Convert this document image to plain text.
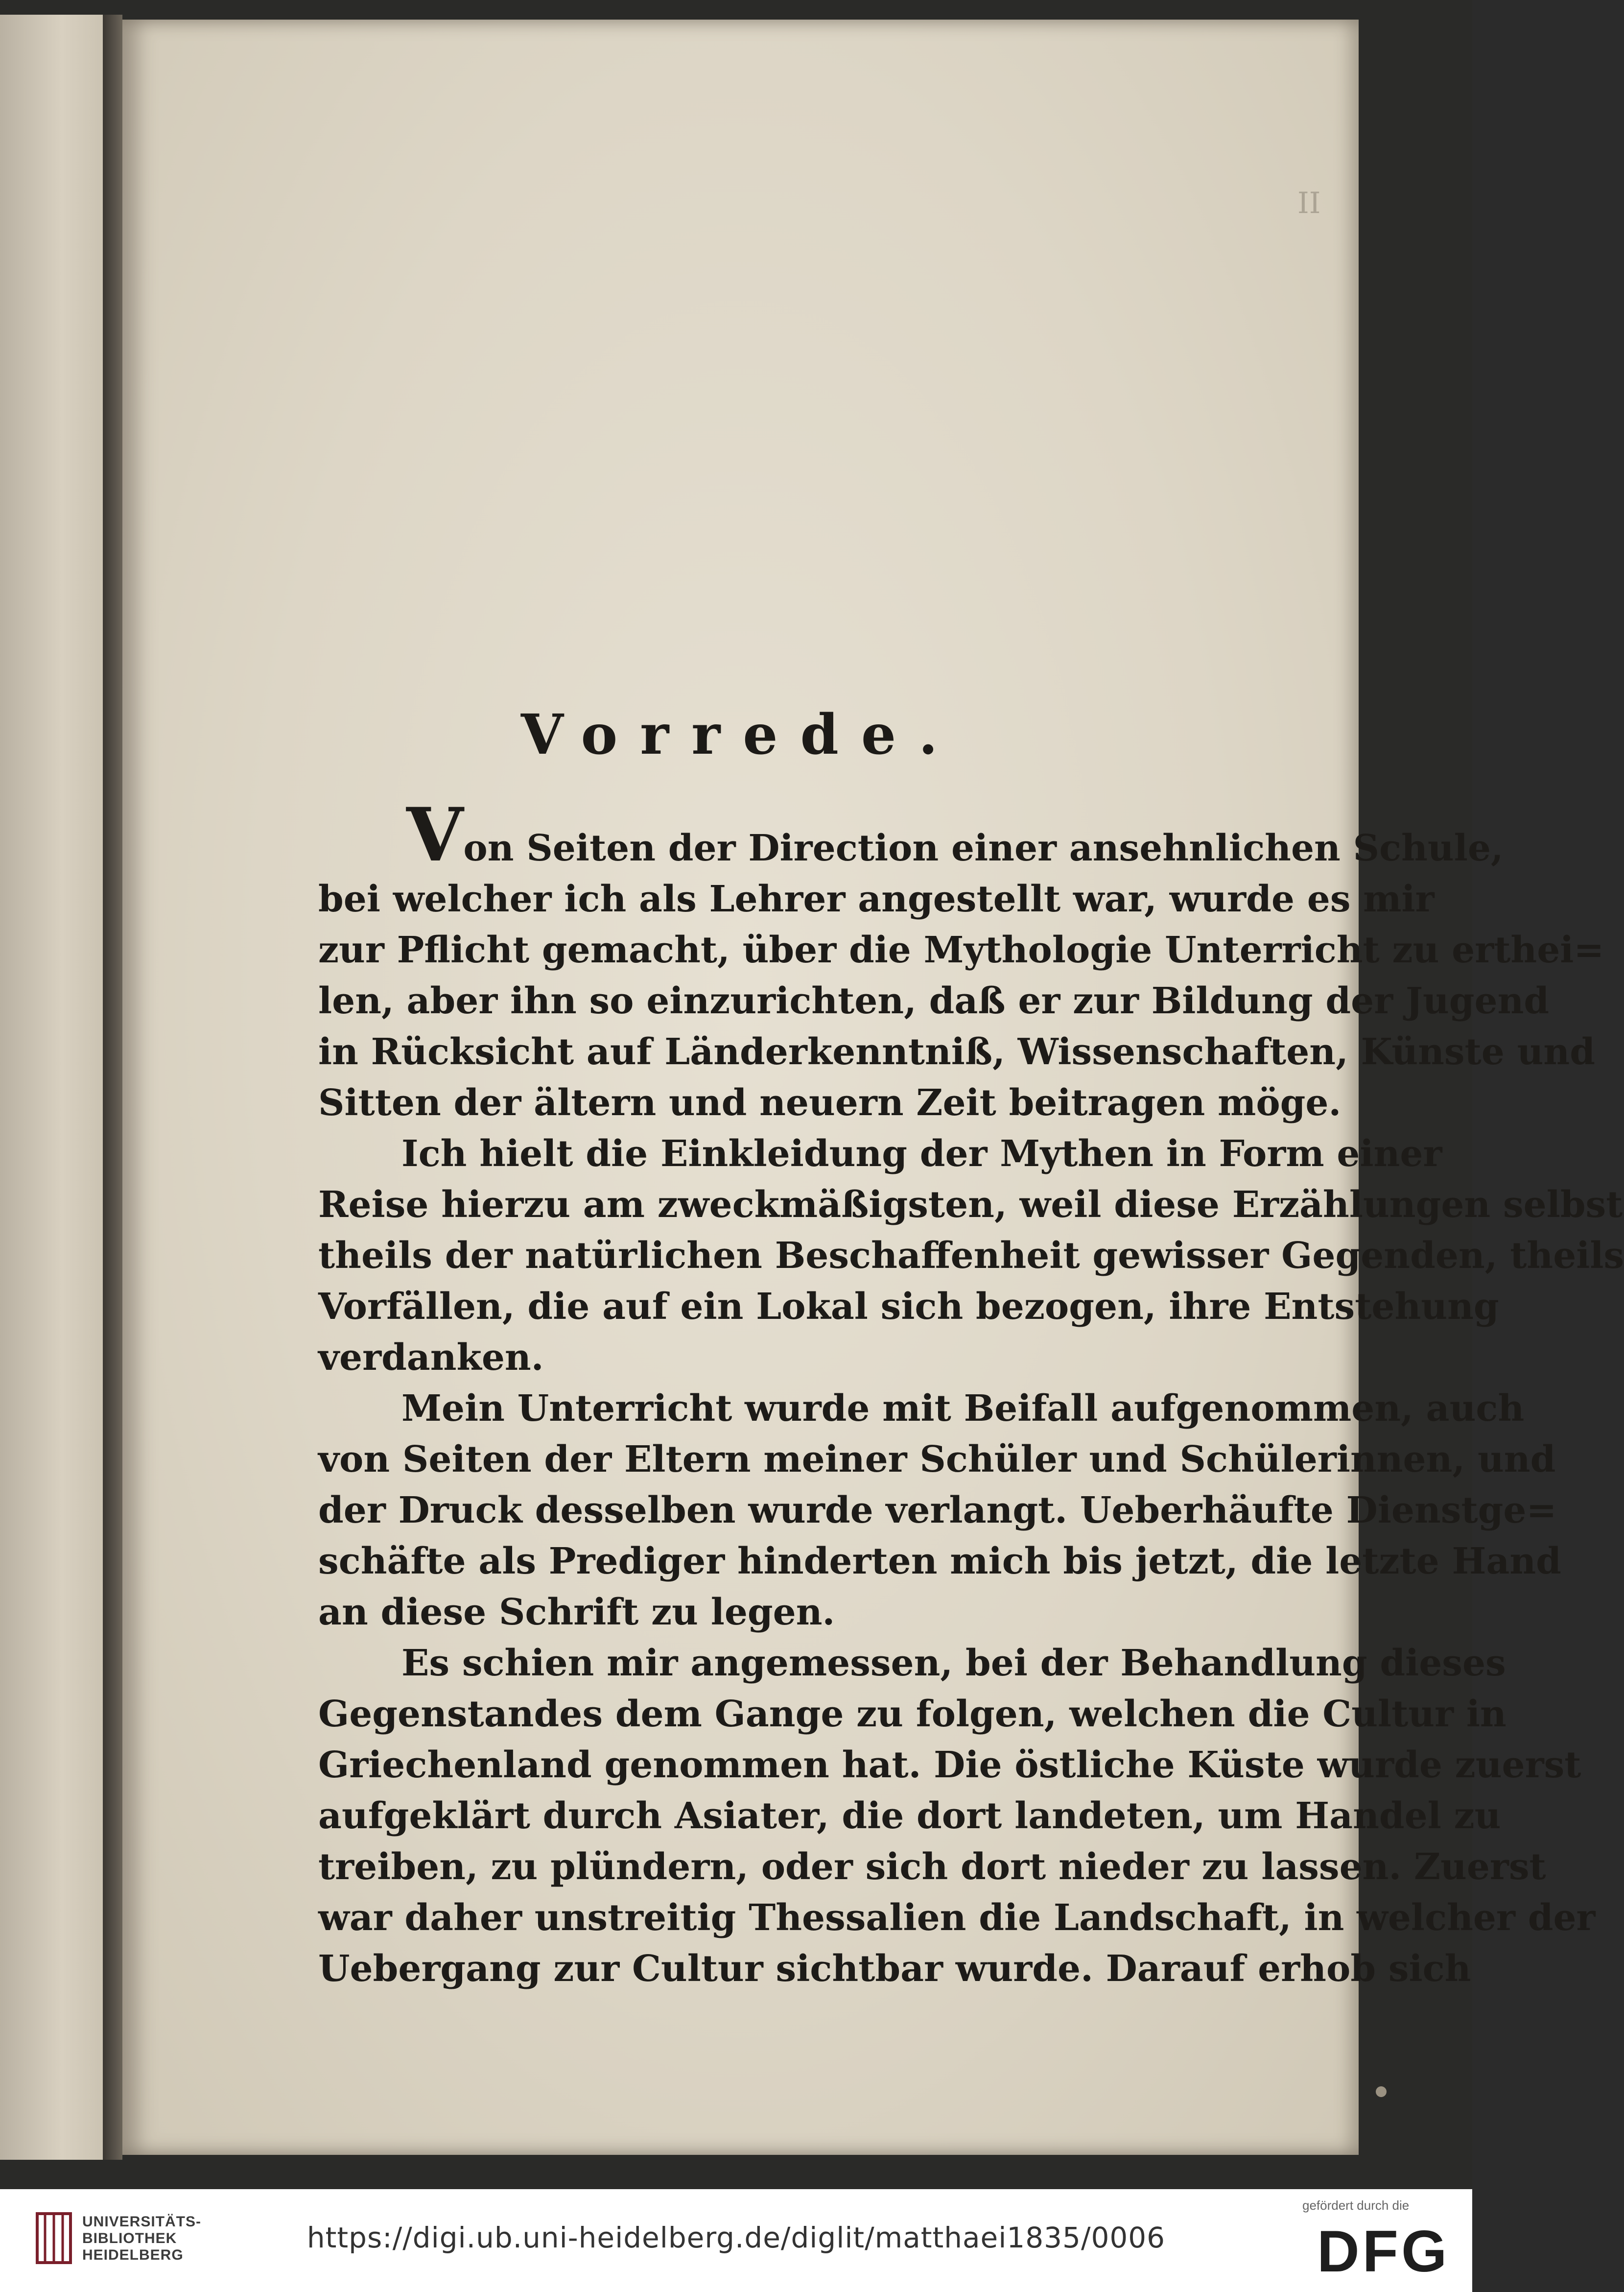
II
Vorrede.
Von Seiten der Direction einer ansehnlichen Schule,
bei welcher ich als Lehrer angestellt war, wurde es mir
zur Pflicht gemacht, über die Mythologie Unterricht zu erthei=
len, aber ihn so einzurichten, daß er zur Bildung der Jugend
in Rücksicht auf Länderkenntniß, Wissenschaften, Künste und
Sitten der ältern und neuern Zeit beitragen möge.
Ich hielt die Einkleidung der Mythen in Form einer
Reise hierzu am zweckmäßigsten, weil diese Erzählungen selbst
theils der natürlichen Beschaffenheit gewisser Gegenden, theils
Vorfällen, die auf ein Lokal sich bezogen, ihre Entstehung
verdanken.
Mein Unterricht wurde mit Beifall aufgenommen, auch
von Seiten der Eltern meiner Schüler und Schülerinnen, und
der Druck desselben wurde verlangt. Ueberhäufte Dienstge=
schäfte als Prediger hinderten mich bis jetzt, die letzte Hand
an diese Schrift zu legen.
Es schien mir angemessen, bei der Behandlung dieses
Gegenstandes dem Gange zu folgen, welchen die Cultur in
Griechenland genommen hat. Die östliche Küste wurde zuerst
aufgeklärt durch Asiater, die dort landeten, um Handel zu
treiben, zu plündern, oder sich dort nieder zu lassen. Zuerst
war daher unstreitig Thessalien die Landschaft, in welcher der
Uebergang zur Cultur sichtbar wurde. Darauf erhob sich
UNIVERSITÄTS-
BIBLIOTHEK
HEIDELBERG
https://digi.ub.uni-heidelberg.de/diglit/matthaei1835/0006
gefördert durch die
DFG
